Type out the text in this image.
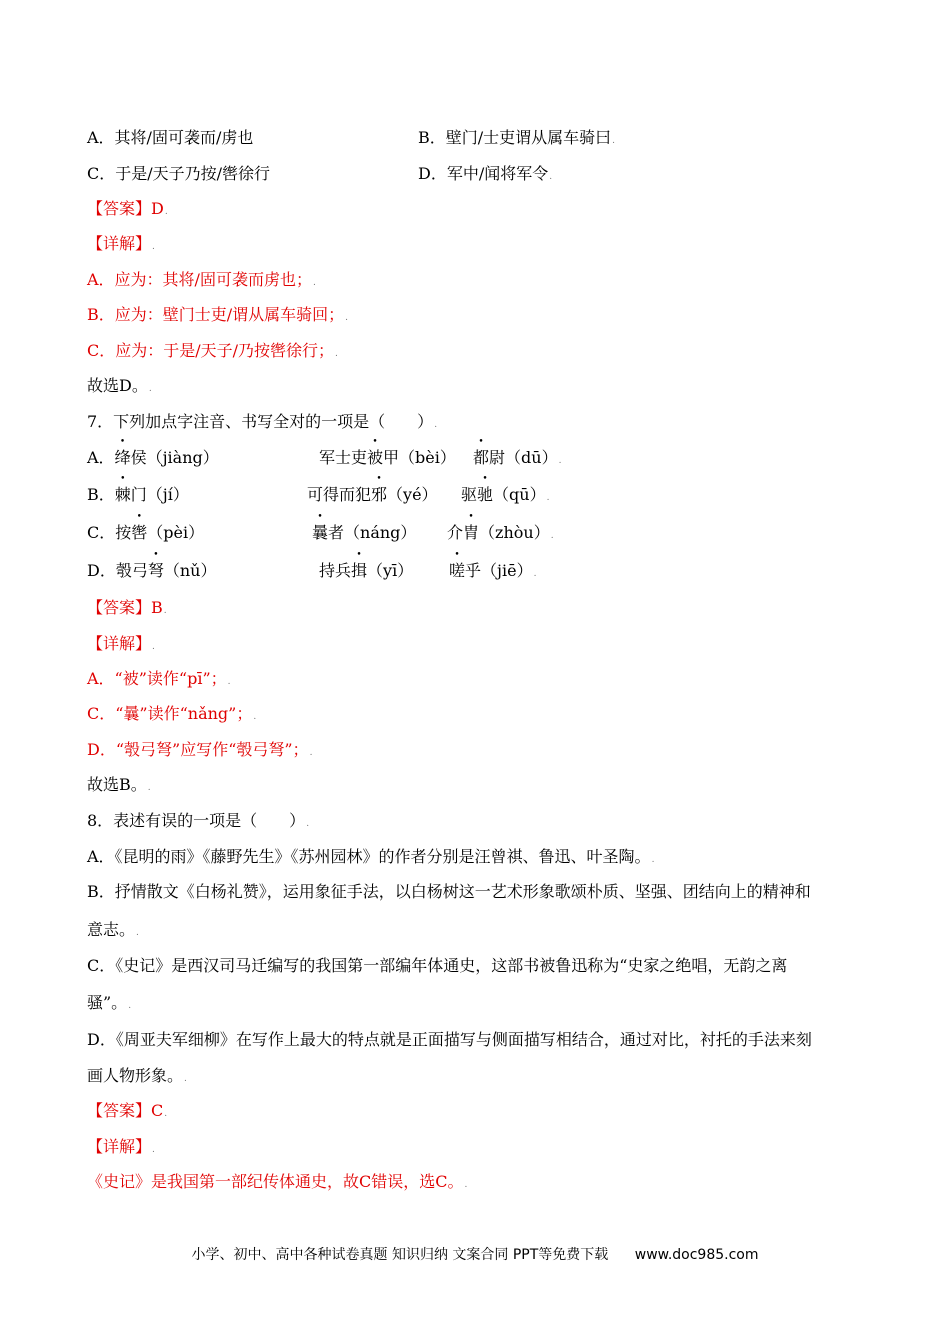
A．其将/固可袭而/虏也	B．壁门/士吏谓从属车骑曰.
C．于是/天子乃按/辔徐行	D．军中/闻将军令.
【答案】D.
【详解】.
A．应为：其将/固可袭而虏也；.
B．应为：壁门士吏/谓从属车骑回；.
C．应为：于是/天子/乃按辔徐行；.
故选D。.
7．下列加点字注音、书写全对的一项是（　　）.
A．绛侯（jiàng）	军士吏被甲（bèi） 都尉（dū）.
B．棘门（jí）	可得而犯邪（yé） 驱驰（qū）.
C．按辔（pèi）	曩者（náng） 介胄（zhòu）.
D．彀弓弩（nǔ）	持兵揖（yī） 嗟乎（jiē）.
【答案】B.
【详解】.
A．“被”读作“pī”；.
C．“曩”读作“nǎng”；.
D．“彀弓弩”应写作“彀弓弩”；.
故选B。.
8．表述有误的一项是（　　）.
A．《昆明的雨》《藤野先生》《苏州园林》的作者分别是汪曾祺、鲁迅、叶圣陶。.
B．抒情散文《白杨礼赞》，运用象征手法，以白杨树这一艺术形象歌颂朴质、坚强、团结向上的精神和
意志。.
C．《史记》是西汉司马迁编写的我国第一部编年体通史，这部书被鲁迅称为“史家之绝唱，无韵之离
骚”。.
D．《周亚夫军细柳》在写作上最大的特点就是正面描写与侧面描写相结合，通过对比，衬托的手法来刻
画人物形象。.
【答案】C.
【详解】.
《史记》是我国第一部纪传体通史，故C错误，选C。.
小学、初中、高中各种试卷真题 知识归纳 文案合同 PPT等免费下载 www.doc985.com
